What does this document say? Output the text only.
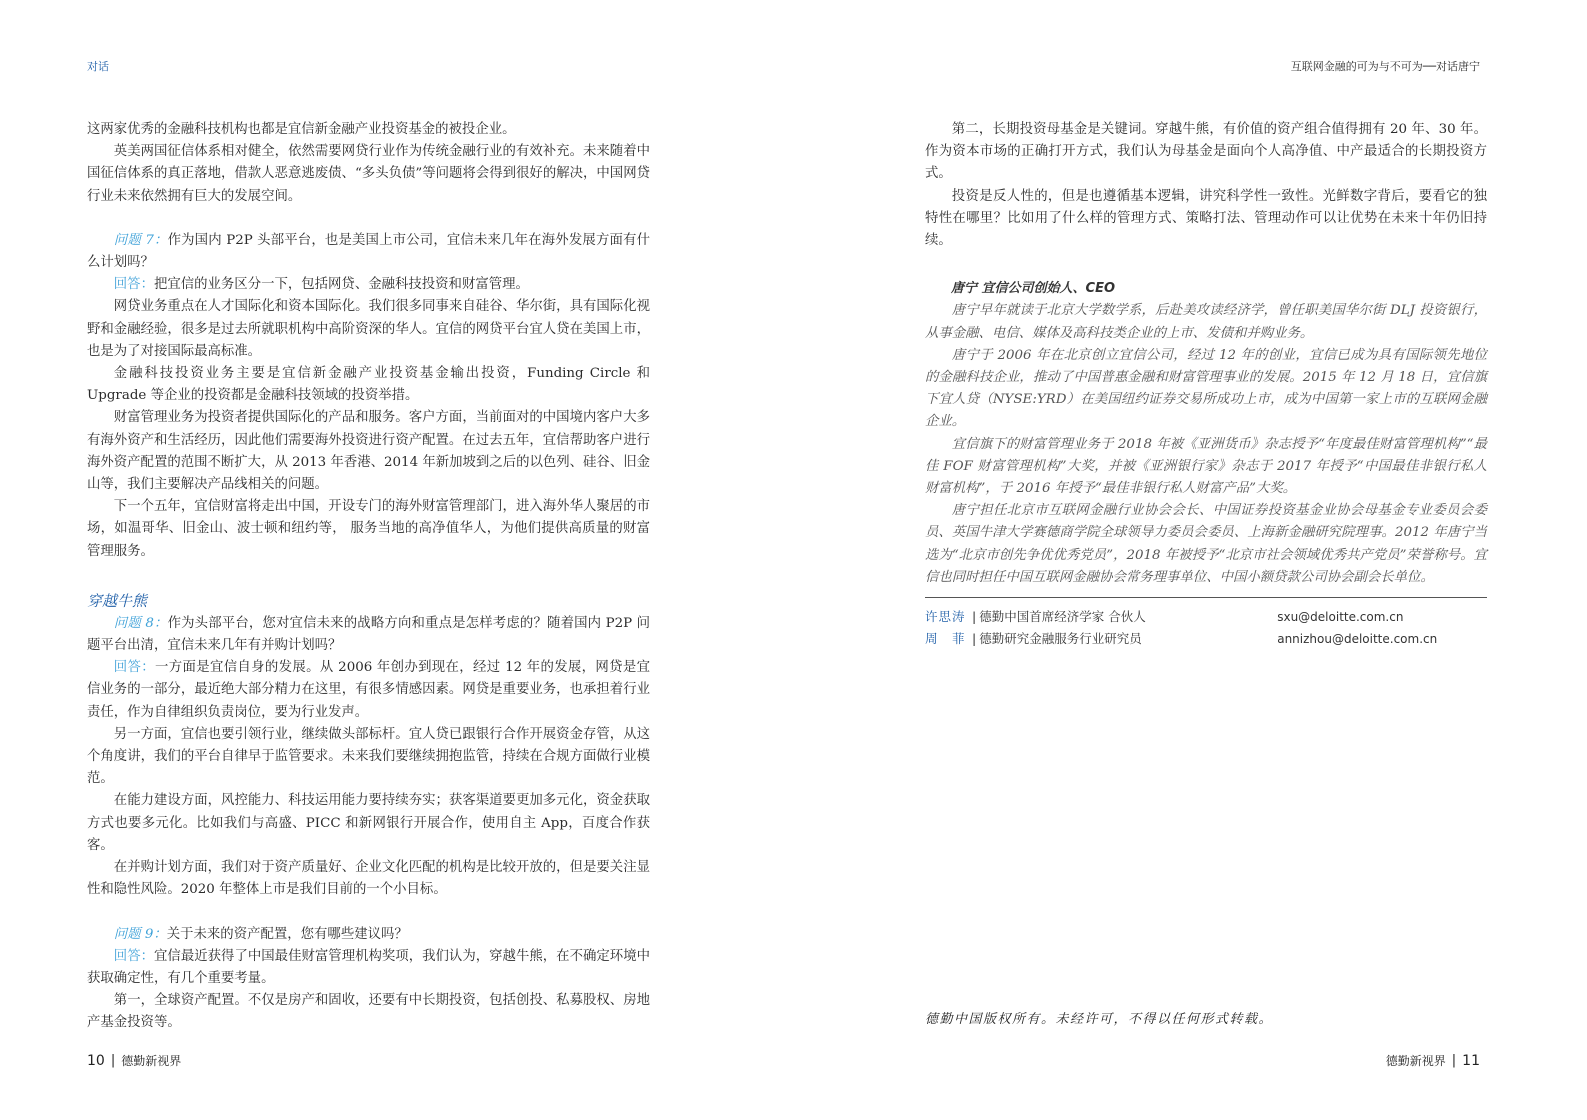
对话

这两家优秀的金融科技机构也都是宜信新金融产业投资基金的被投企业。

英美两国征信体系相对健全，依然需要网贷行业作为传统金融行业的有效补充。未来随着中国征信体系的真正落地，借款人恶意逃废债、“多头负债”等问题将会得到很好的解决，中国网贷行业未来依然拥有巨大的发展空间。

问题 7：作为国内 P2P 头部平台，也是美国上市公司，宜信未来几年在海外发展方面有什么计划吗？

回答：把宜信的业务区分一下，包括网贷、金融科技投资和财富管理。

网贷业务重点在人才国际化和资本国际化。我们很多同事来自硅谷、华尔街，具有国际化视野和金融经验，很多是过去所就职机构中高阶资深的华人。宜信的网贷平台宜人贷在美国上市，也是为了对接国际最高标准。

金融科技投资业务主要是宜信新金融产业投资基金输出投资，Funding Circle 和 Upgrade 等企业的投资都是金融科技领域的投资举措。

财富管理业务为投资者提供国际化的产品和服务。客户方面，当前面对的中国境内客户大多有海外资产和生活经历，因此他们需要海外投资进行资产配置。在过去五年，宜信帮助客户进行海外资产配置的范围不断扩大，从 2013 年香港、2014 年新加坡到之后的以色列、硅谷、旧金山等，我们主要解决产品线相关的问题。

下一个五年，宜信财富将走出中国，开设专门的海外财富管理部门，进入海外华人聚居的市场，如温哥华、旧金山、波士顿和纽约等， 服务当地的高净值华人，为他们提供高质量的财富管理服务。

穿越牛熊

问题 8：作为头部平台，您对宜信未来的战略方向和重点是怎样考虑的？随着国内 P2P 问题平台出清，宜信未来几年有并购计划吗？

回答：一方面是宜信自身的发展。从 2006 年创办到现在，经过 12 年的发展，网贷是宜信业务的一部分，最近绝大部分精力在这里，有很多情感因素。网贷是重要业务，也承担着行业责任，作为自律组织负责岗位，要为行业发声。

另一方面，宜信也要引领行业，继续做头部标杆。宜人贷已跟银行合作开展资金存管，从这个角度讲，我们的平台自律早于监管要求。未来我们要继续拥抱监管，持续在合规方面做行业模范。

在能力建设方面，风控能力、科技运用能力要持续夯实；获客渠道要更加多元化，资金获取方式也要多元化。比如我们与高盛、PICC 和新网银行开展合作，使用自主 App，百度合作获客。

在并购计划方面，我们对于资产质量好、企业文化匹配的机构是比较开放的，但是要关注显性和隐性风险。2020 年整体上市是我们目前的一个小目标。

问题 9：关于未来的资产配置，您有哪些建议吗？

回答：宜信最近获得了中国最佳财富管理机构奖项，我们认为，穿越牛熊，在不确定环境中获取确定性，有几个重要考量。

第一，全球资产配置。不仅是房产和固收，还要有中长期投资，包括创投、私募股权、房地产基金投资等。

10 | 德勤新视界
互联网金融的可为与不可为──对话唐宁

第二，长期投资母基金是关键词。穿越牛熊，有价值的资产组合值得拥有 20 年、30 年。作为资本市场的正确打开方式，我们认为母基金是面向个人高净值、中产最适合的长期投资方式。

投资是反人性的，但是也遵循基本逻辑，讲究科学性一致性。光鲜数字背后，要看它的独特性在哪里？比如用了什么样的管理方式、策略打法、管理动作可以让优势在未来十年仍旧持续。

唐宁 宜信公司创始人、CEO

唐宁早年就读于北京大学数学系，后赴美攻读经济学，曾任职美国华尔街 DLJ 投资银行，从事金融、电信、媒体及高科技类企业的上市、发债和并购业务。

唐宁于 2006 年在北京创立宜信公司，经过 12 年的创业，宜信已成为具有国际领先地位的金融科技企业，推动了中国普惠金融和财富管理事业的发展。2015 年 12 月 18 日，宜信旗下宜人贷（NYSE:YRD）在美国纽约证券交易所成功上市，成为中国第一家上市的互联网金融企业。

宜信旗下的财富管理业务于 2018 年被《亚洲货币》杂志授予“年度最佳财富管理机构”“最佳 FOF 财富管理机构”大奖，并被《亚洲银行家》杂志于 2017 年授予“中国最佳非银行私人财富机构”，于 2016 年授予“最佳非银行私人财富产品”大奖。

唐宁担任北京市互联网金融行业协会会长、中国证券投资基金业协会母基金专业委员会委员、英国牛津大学赛德商学院全球领导力委员会委员、上海新金融研究院理事。2012 年唐宁当选为“北京市创先争优优秀党员”，2018 年被授予“北京市社会领域优秀共产党员”荣誉称号。宜信也同时担任中国互联网金融协会常务理事单位、中国小额贷款公司协会副会长单位。

许思涛 | 德勤中国首席经济学家 合伙人	sxu@deloitte.com.cn
周　菲 | 德勤研究金融服务行业研究员	annizhou@deloitte.com.cn
德勤中国版权所有。未经许可，不得以任何形式转载。
德勤新视界 | 11
